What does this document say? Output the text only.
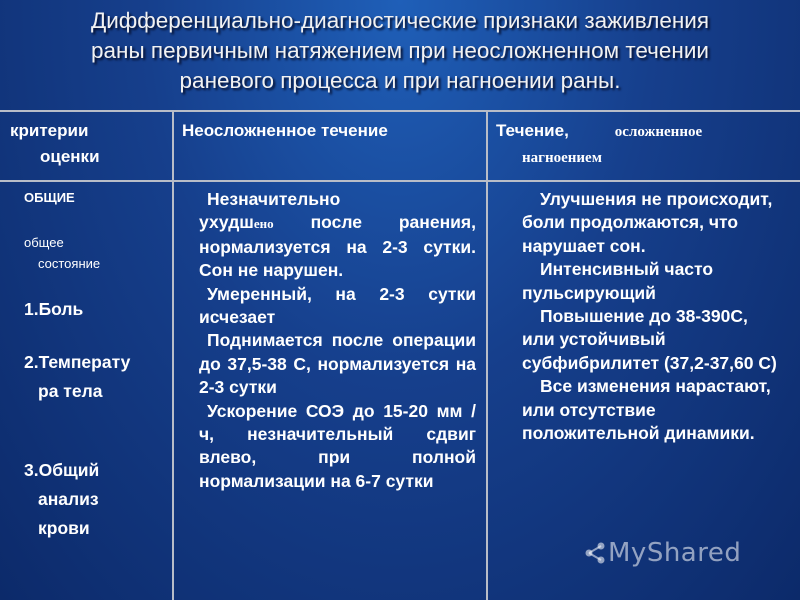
Дифференциально-диагностические признаки заживления
раны первичным натяжением при неосложненном течении
раневого процесса и при нагноении раны.
критерии
оценки
Неосложненное течение	Течение,	осложненное
нагноением
ОБЩИЕ
общее
состояние
1.Боль
2.Температу
ра тела
3.Общий
анализ
крови

Незначительно

ухудшено после ранения, нормализуется на 2-3 сутки. Сон не нарушен.

Умеренный, на 2-3 сутки исчезает

Поднимается после операции до 37,5-38 С, нормализуется на 2-3 сутки

Ускорение СОЭ до 15-20 мм / ч, незначительный сдвиг влево, при полной нормализации на 6-7 сутки

Улучшения не происходит, боли продолжаются, что нарушает сон.

Интенсивный часто пульсирующий

Повышение до 38-390С, или устойчивый субфибрилитет (37,2-37,60 С)

Все изменения нарастают, или отсутствие положительной динамики.

MyShared
